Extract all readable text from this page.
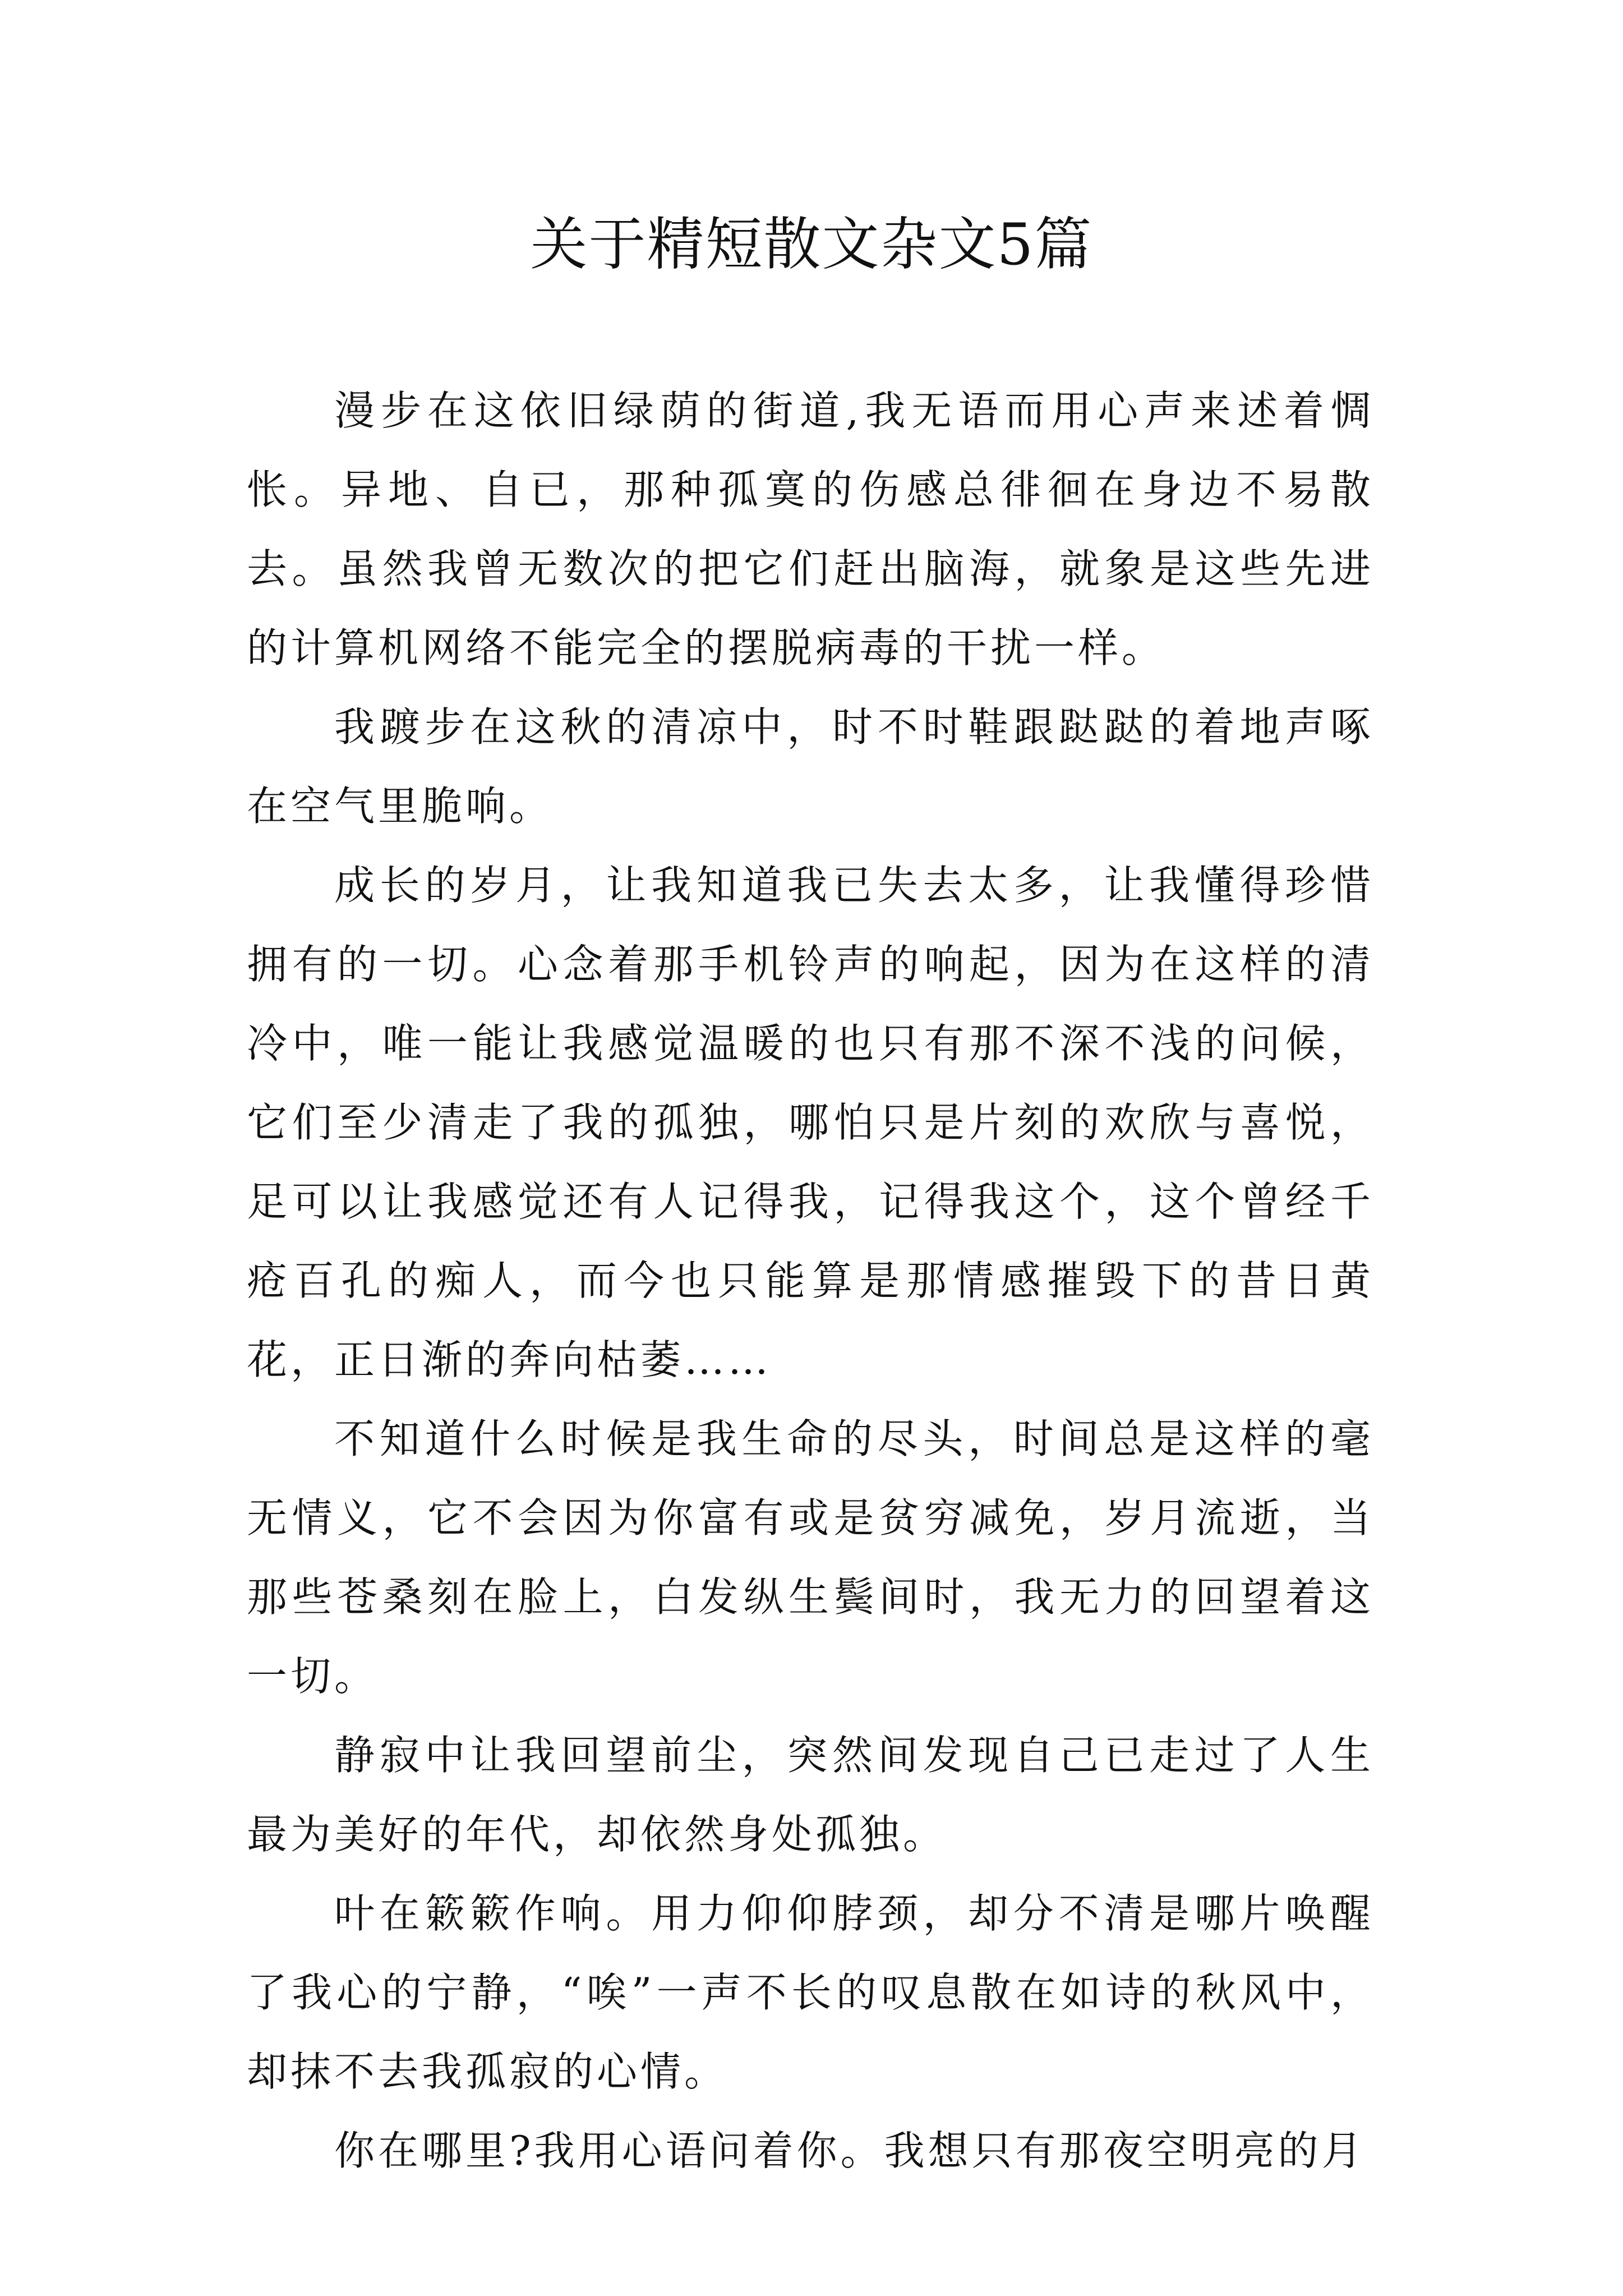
关于精短散文杂文5篇

漫步在这依旧绿荫的街道,我无语而用心声来述着惆怅。异地、自已，那种孤寞的伤感总徘徊在身边不易散去。虽然我曾无数次的把它们赶出脑海，就象是这些先进的计算机网络不能完全的摆脱病毒的干扰一样。

我踱步在这秋的清凉中，时不时鞋跟跶跶的着地声啄在空气里脆响。

成长的岁月，让我知道我已失去太多，让我懂得珍惜拥有的一切。心念着那手机铃声的响起，因为在这样的清冷中，唯一能让我感觉温暖的也只有那不深不浅的问候，它们至少清走了我的孤独，哪怕只是片刻的欢欣与喜悦，足可以让我感觉还有人记得我，记得我这个，这个曾经千疮百孔的痴人，而今也只能算是那情感摧毁下的昔日黄花，正日渐的奔向枯萎……

不知道什么时候是我生命的尽头，时间总是这样的毫无情义，它不会因为你富有或是贫穷减免，岁月流逝，当那些苍桑刻在脸上，白发纵生鬓间时，我无力的回望着这一切。

静寂中让我回望前尘，突然间发现自己已走过了人生最为美好的年代，却依然身处孤独。

叶在簌簌作响。用力仰仰脖颈，却分不清是哪片唤醒了我心的宁静，“唉”一声不长的叹息散在如诗的秋风中，却抹不去我孤寂的心情。

你在哪里?我用心语问着你。我想只有那夜空明亮的月
